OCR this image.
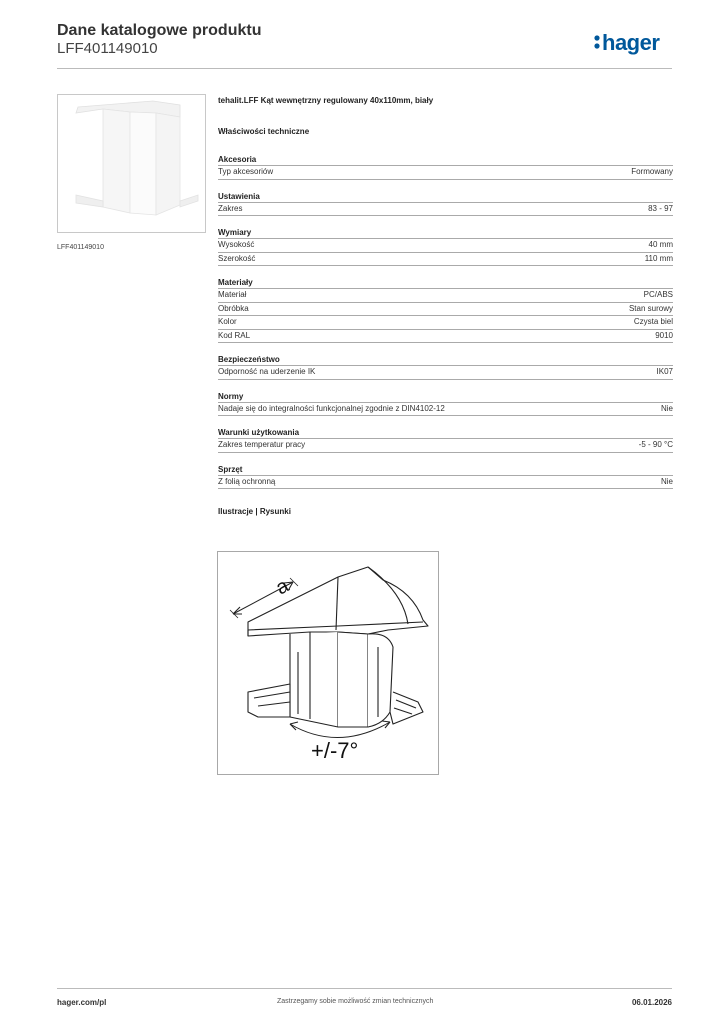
Dane katalogowe produktu
LFF401149010	hager
LFF401149010
tehalit.LFF Kąt wewnętrzny regulowany 40x110mm, biały
Właściwości techniczne
Akcesoria
Typ akcesoriów	Formowany
Ustawienia
Zakres	83 - 97
Wymiary
Wysokość	40 mm
Szerokość	110 mm
Materiały
Materiał	PC/ABS
Obróbka	Stan surowy
Kolor	Czysta biel
Kod RAL	9010
Bezpieczeństwo
Odporność na uderzenie IK	IK07
Normy
Nadaje się do integralności funkcjonalnej zgodnie z DIN4102-12	Nie
Warunki użytkowania
Zakres temperatur pracy	-5 - 90 °C
Sprzęt
Z folią ochronną	Nie
Ilustracje | Rysunki
a
+/-7°
hager.com/pl	Zastrzegamy sobie możliwość zmian technicznych	06.01.2026
